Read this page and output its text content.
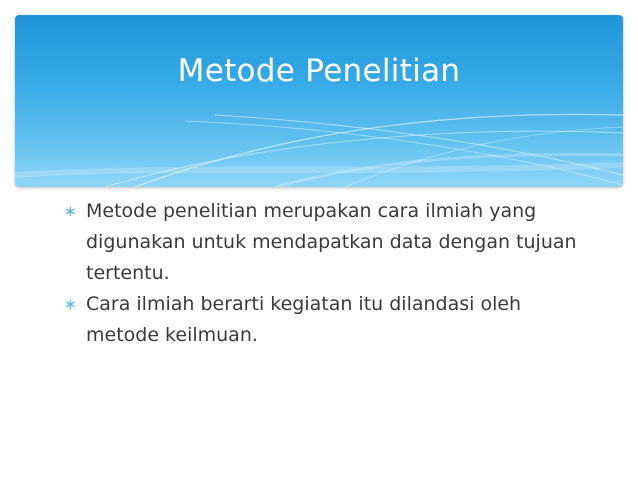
Metode Penelitian
∗ Metode penelitian merupakan cara ilmiah yang digunakan untuk mendapatkan data dengan tujuan tertentu.
∗ Cara ilmiah berarti kegiatan itu dilandasi oleh metode keilmuan.
